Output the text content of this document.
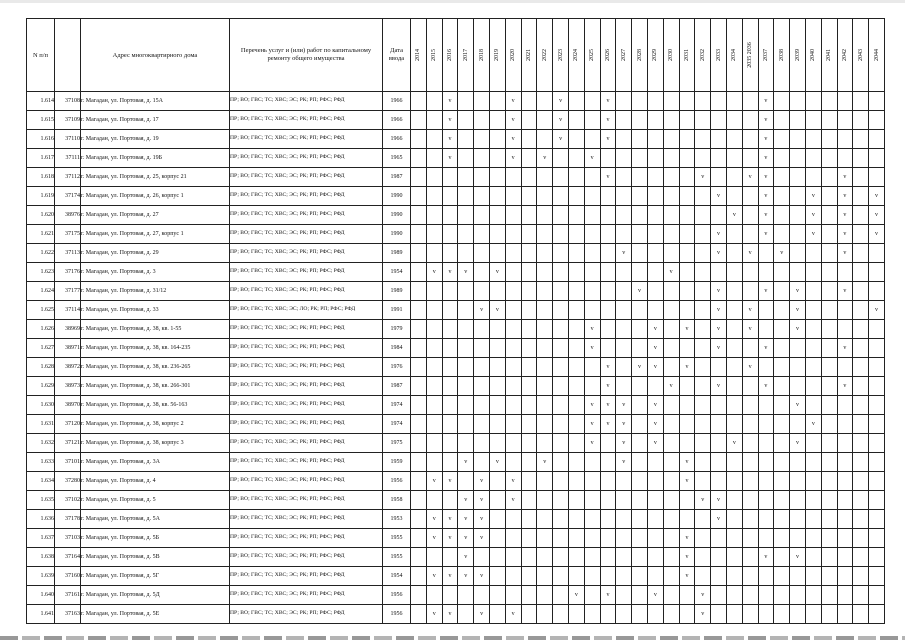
N п/п		Адрес многоквартирного дома	Перечень услуг и (или) работ по капитальному ремонту общего имущества	Дата ввода	2014	2015	2016	2017	2018	2019	2020	2021	2022	2023	2024	2025	2026	2027	2028	2029	2030	2031	2032	2033	2034	2035 2036	2037	2038	2039	2040	2041	2042	2043	2044

1.614	37108	г. Магадан, ул. Портовая, д. 15А	ПР; ВО; ГВС; ТС; ХВС; ЭС; РК; РП; РФС; РФД	1966			v				v			v			v										v							
1.615	37109	г. Магадан, ул. Портовая, д. 17	ПР; ВО; ГВС; ТС; ХВС; ЭС; РК; РП; РФС; РФД	1966			v				v			v			v										v							
1.616	37110	г. Магадан, ул. Портовая, д. 19	ПР; ВО; ГВС; ТС; ХВС; ЭС; РК; РП; РФС; РФД	1966			v				v			v			v										v							
1.617	37111	г. Магадан, ул. Портовая, д. 19Б	ПР; ВО; ГВС; ТС; ХВС; ЭС; РК; РП; РФС; РФД	1965			v				v		v			v											v							
1.618	37112	г. Магадан, ул. Портовая, д. 25, корпус 21	ПР; ВО; ГВС; ТС; ХВС; ЭС; РК; РП; РФС; РФД	1987													v						v			v	v					v		
1.619	37174	г. Магадан, ул. Портовая, д. 26, корпус 1	ПР; ВО; ГВС; ТС; ХВС; ЭС; РК; РП; РФС; РФД	1990																				v			v			v		v		v
1.620	38976	г. Магадан, ул. Портовая, д. 27	ПР; ВО; ГВС; ТС; ХВС; ЭС; РК; РП; РФС; РФД	1990																					v		v			v		v		v
1.621	37175	г. Магадан, ул. Портовая, д. 27, корпус 1	ПР; ВО; ГВС; ТС; ХВС; ЭС; РК; РП; РФС; РФД	1990																				v			v			v		v		v
1.622	37113	г. Магадан, ул. Портовая, д. 29	ПР; ВО; ГВС; ТС; ХВС; ЭС; РК; РП; РФС; РФД	1989														v						v		v		v				v		
1.623	37176	г. Магадан, ул. Портовая, д. 3	ПР; ВО; ГВС; ТС; ХВС; ЭС; РК; РП; РФС; РФД	1954		v	v	v		v											v													
1.624	37177	г. Магадан, ул. Портовая, д. 31/12	ПР; ВО; ГВС; ТС; ХВС; ЭС; РК; РП; РФС; РФД	1989															v					v			v		v			v		
1.625	37114	г. Магадан, ул. Портовая, д. 33	ПР; ВО; ГВС; ТС; ХВС; ЭС; ЛО; РК; РП; РФС; РФД	1991					v	v														v		v			v					v
1.626	38969	г. Магадан, ул. Портовая, д. 38, кв. 1-55	ПР; ВО; ГВС; ТС; ХВС; ЭС; РК; РП; РФС; РФД	1979												v				v		v		v		v			v					
1.627	38971	г. Магадан, ул. Портовая, д. 38, кв. 164-235	ПР; ВО; ГВС; ТС; ХВС; ЭС; РК; РП; РФС; РФД	1984												v				v				v			v					v		
1.628	38972	г. Магадан, ул. Портовая, д. 38, кв. 236-265	ПР; ВО; ГВС; ТС; ХВС; ЭС; РК; РП; РФС; РФД	1976													v		v	v		v				v								
1.629	38973	г. Магадан, ул. Портовая, д. 38, кв. 266-301	ПР; ВО; ГВС; ТС; ХВС; ЭС; РК; РП; РФС; РФД	1987													v				v			v			v					v		
1.630	38970	г. Магадан, ул. Портовая, д. 38, кв. 56-163	ПР; ВО; ГВС; ТС; ХВС; ЭС; РК; РП; РФС; РФД	1974												v	v	v		v									v					
1.631	37120	г. Магадан, ул. Портовая, д. 38, корпус 2	ПР; ВО; ГВС; ТС; ХВС; ЭС; РК; РП; РФС; РФД	1974												v	v	v		v										v				
1.632	37121	г. Магадан, ул. Портовая, д. 38, корпус 3	ПР; ВО; ГВС; ТС; ХВС; ЭС; РК; РП; РФС; РФД	1975												v		v		v					v				v					
1.633	37101	г. Магадан, ул. Портовая, д. 3А	ПР; ВО; ГВС; ТС; ХВС; ЭС; РК; РП; РФС; РФД	1959				v		v			v					v				v												
1.634	37280	г. Магадан, ул. Портовая, д. 4	ПР; ВО; ГВС; ТС; ХВС; ЭС; РК; РП; РФС; РФД	1956		v	v		v		v											v												
1.635	37102	г. Магадан, ул. Портовая, д. 5	ПР; ВО; ГВС; ТС; ХВС; ЭС; РК; РП; РФС; РФД	1958				v	v		v												v	v										
1.636	37178	г. Магадан, ул. Портовая, д. 5А	ПР; ВО; ГВС; ТС; ХВС; ЭС; РК; РП; РФС; РФД	1953		v	v	v	v															v										
1.637	37103	г. Магадан, ул. Портовая, д. 5Б	ПР; ВО; ГВС; ТС; ХВС; ЭС; РК; РП; РФС; РФД	1955		v	v	v	v													v												
1.638	37164	г. Магадан, ул. Портовая, д. 5В	ПР; ВО; ГВС; ТС; ХВС; ЭС; РК; РП; РФС; РФД	1955				v														v					v		v					
1.639	37160	г. Магадан, ул. Портовая, д. 5Г	ПР; ВО; ГВС; ТС; ХВС; ЭС; РК; РП; РФС; РФД	1954		v	v	v	v													v												
1.640	37161	г. Магадан, ул. Портовая, д. 5Д	ПР; ВО; ГВС; ТС; ХВС; ЭС; РК; РП; РФС; РФД	1956											v		v			v			v											
1.641	37163	г. Магадан, ул. Портовая, д. 5Е	ПР; ВО; ГВС; ТС; ХВС; ЭС; РК; РП; РФС; РФД	1956		v	v		v		v												v											
